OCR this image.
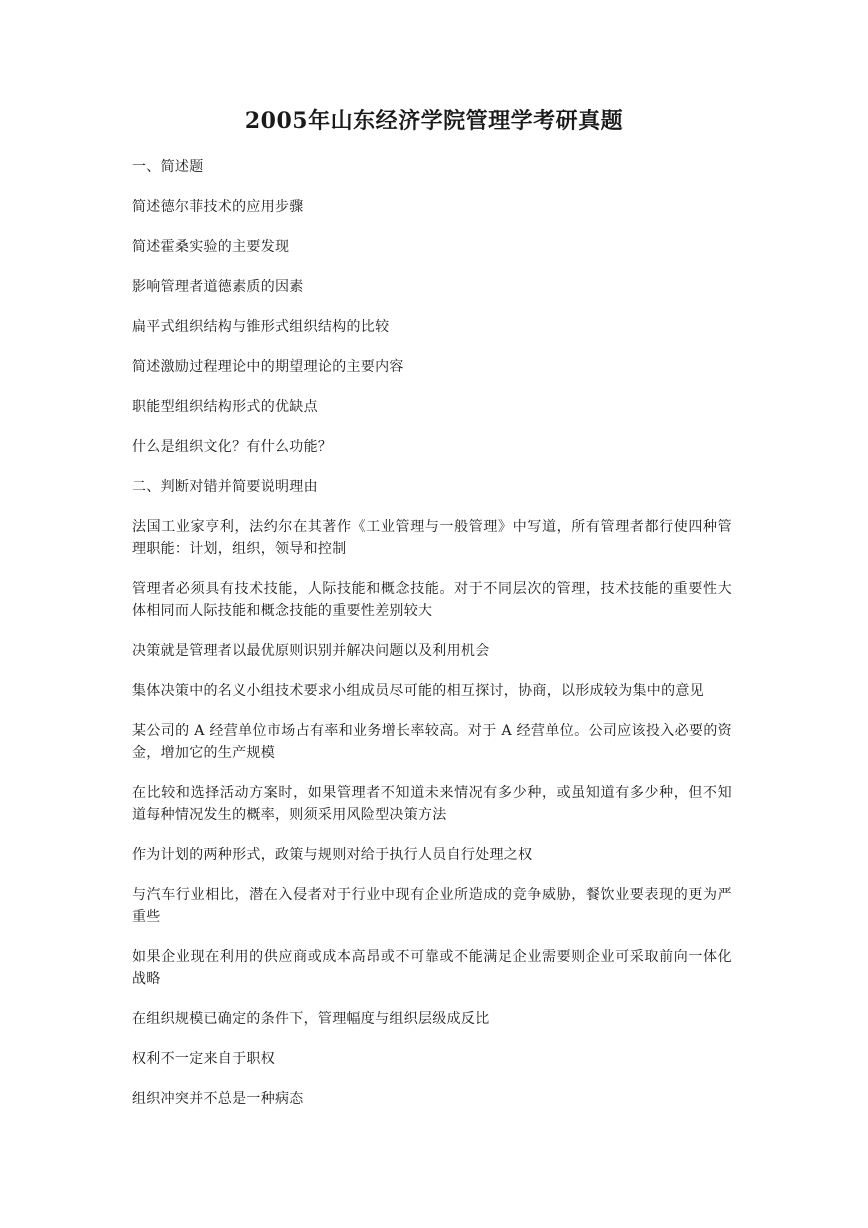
2005年山东经济学院管理学考研真题

一、简述题

简述德尔菲技术的应用步骤

简述霍桑实验的主要发现

影响管理者道德素质的因素

扁平式组织结构与锥形式组织结构的比较

简述激励过程理论中的期望理论的主要内容

职能型组织结构形式的优缺点

什么是组织文化？有什么功能？

二、判断对错并简要说明理由

法国工业家亨利，法约尔在其著作《工业管理与一般管理》中写道，所有管理者都行使四种管理职能：计划，组织，领导和控制

管理者必须具有技术技能，人际技能和概念技能。对于不同层次的管理，技术技能的重要性大体相同而人际技能和概念技能的重要性差别较大

决策就是管理者以最优原则识别并解决问题以及利用机会

集体决策中的名义小组技术要求小组成员尽可能的相互探讨，协商，以形成较为集中的意见

某公司的 A 经营单位市场占有率和业务增长率较高。对于 A 经营单位。公司应该投入必要的资金，增加它的生产规模

在比较和选择活动方案时，如果管理者不知道未来情况有多少种，或虽知道有多少种，但不知道每种情况发生的概率，则须采用风险型决策方法

作为计划的两种形式，政策与规则对给于执行人员自行处理之权

与汽车行业相比，潜在入侵者对于行业中现有企业所造成的竞争威胁，餐饮业要表现的更为严重些

如果企业现在利用的供应商或成本高昂或不可靠或不能满足企业需要则企业可采取前向一体化战略

在组织规模已确定的条件下，管理幅度与组织层级成反比

权利不一定来自于职权

组织冲突并不总是一种病态
